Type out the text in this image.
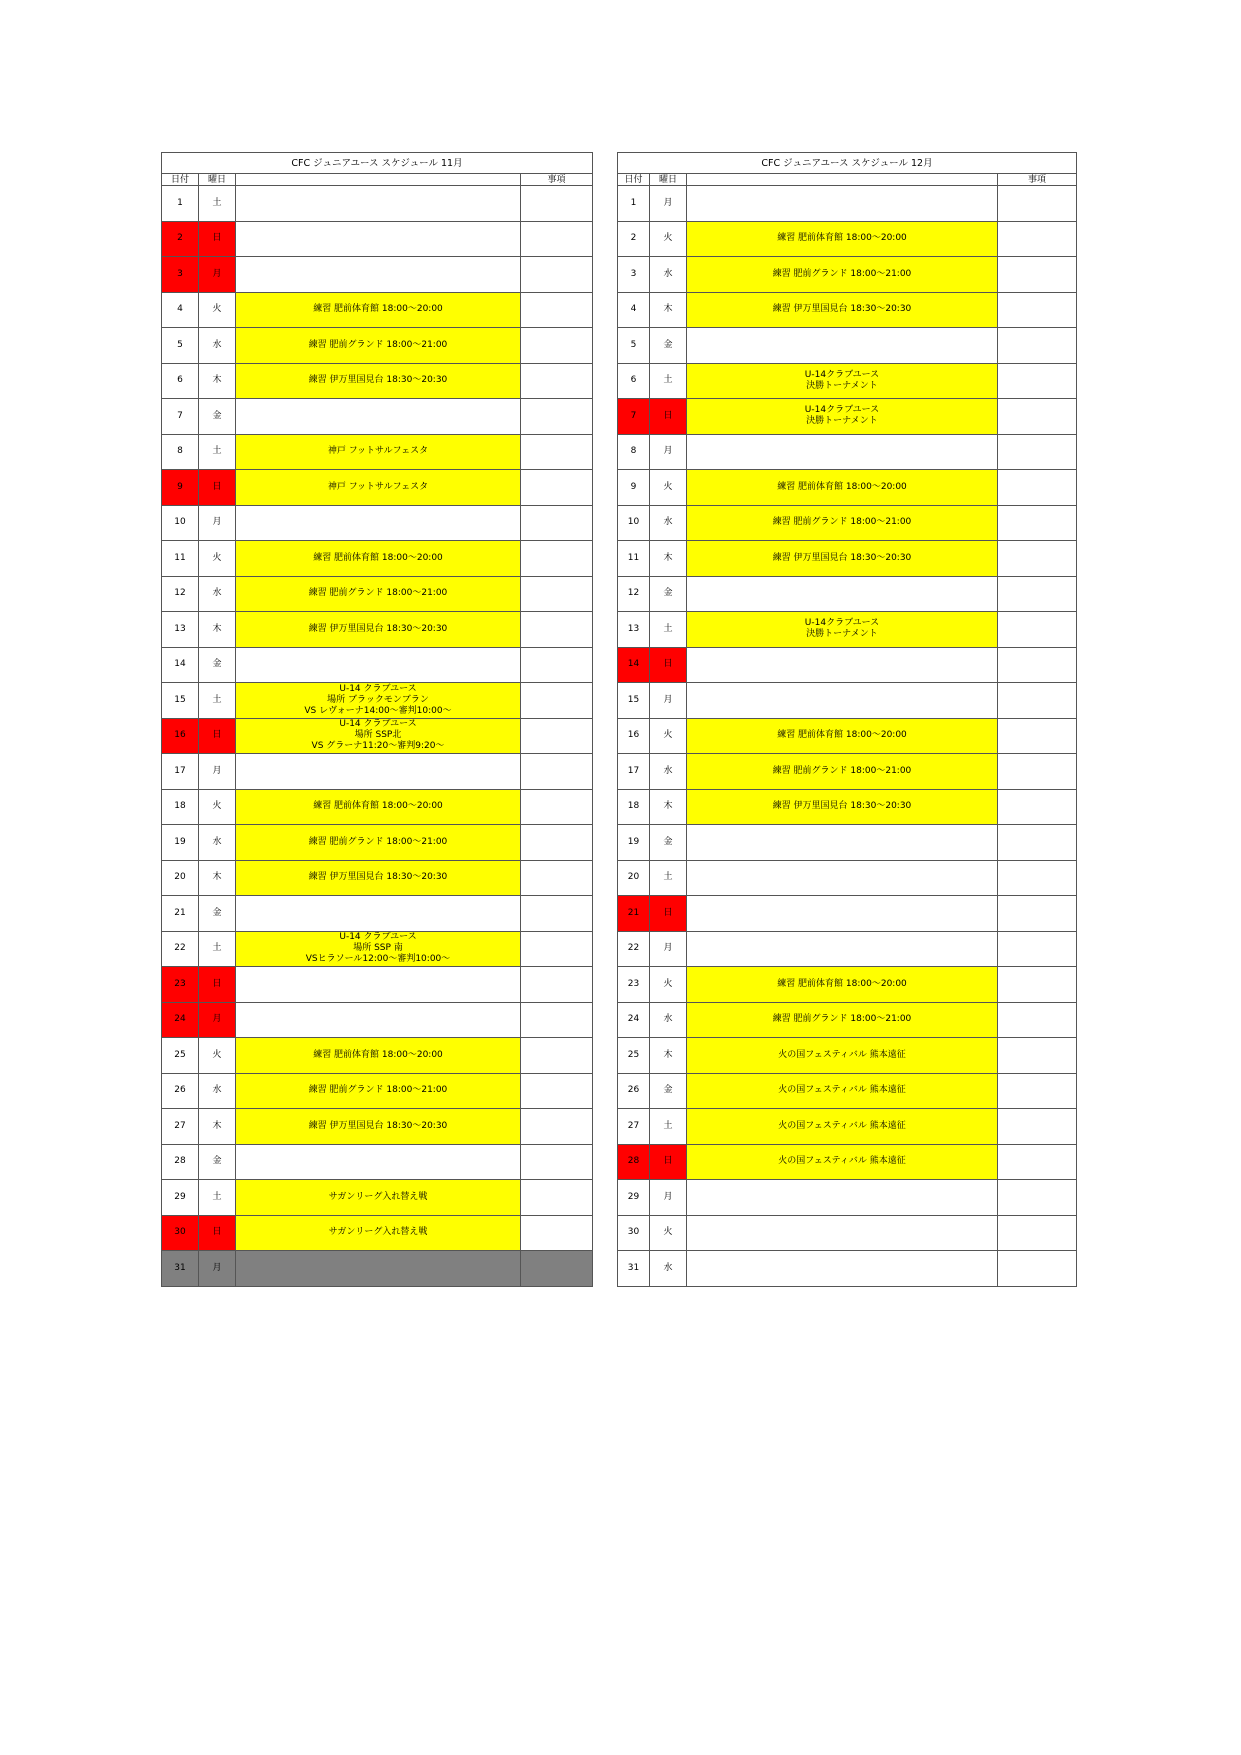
CFC ジュニアユース スケジュール 11月			
日付	曜日		事項
1	土		
2	日		
3	月		
4	火	練習 肥前体育館 18:00～20:00	
5	水	練習 肥前グランド 18:00～21:00	
6	木	練習 伊万里国見台 18:30～20:30	
7	金		
8	土	神戸 フットサルフェスタ	
9	日	神戸 フットサルフェスタ	
10	月		
11	火	練習 肥前体育館 18:00～20:00	
12	水	練習 肥前グランド 18:00～21:00	
13	木	練習 伊万里国見台 18:30～20:30	
14	金		
15	土	U-14 クラブユース
場所 ブラックモンブラン
VS レヴォーナ14:00～審判10:00～	
16	日	U-14 クラブユース
場所 SSP北
VS グラーナ11:20～審判9:20～	
17	月		
18	火	練習 肥前体育館 18:00～20:00	
19	水	練習 肥前グランド 18:00～21:00	
20	木	練習 伊万里国見台 18:30～20:30	
21	金		
22	土	U-14 クラブユース
場所 SSP 南
VSヒラソール12:00～審判10:00～	
23	日		
24	月		
25	火	練習 肥前体育館 18:00～20:00	
26	水	練習 肥前グランド 18:00～21:00	
27	木	練習 伊万里国見台 18:30～20:30	
28	金		
29	土	サガンリーグ入れ替え戦	
30	日	サガンリーグ入れ替え戦	
31	月		
CFC ジュニアユース スケジュール 12月			
日付	曜日		事項
1	月		
2	火	練習 肥前体育館 18:00～20:00	
3	水	練習 肥前グランド 18:00～21:00	
4	木	練習 伊万里国見台 18:30～20:30	
5	金		
6	土	U-14クラブユース
決勝トーナメント	
7	日	U-14クラブユース
決勝トーナメント	
8	月		
9	火	練習 肥前体育館 18:00～20:00	
10	水	練習 肥前グランド 18:00～21:00	
11	木	練習 伊万里国見台 18:30～20:30	
12	金		
13	土	U-14クラブユース
決勝トーナメント	
14	日		
15	月		
16	火	練習 肥前体育館 18:00～20:00	
17	水	練習 肥前グランド 18:00～21:00	
18	木	練習 伊万里国見台 18:30～20:30	
19	金		
20	土		
21	日		
22	月		
23	火	練習 肥前体育館 18:00～20:00	
24	水	練習 肥前グランド 18:00～21:00	
25	木	火の国フェスティバル 熊本遠征	
26	金	火の国フェスティバル 熊本遠征	
27	土	火の国フェスティバル 熊本遠征	
28	日	火の国フェスティバル 熊本遠征	
29	月		
30	火		
31	水		
